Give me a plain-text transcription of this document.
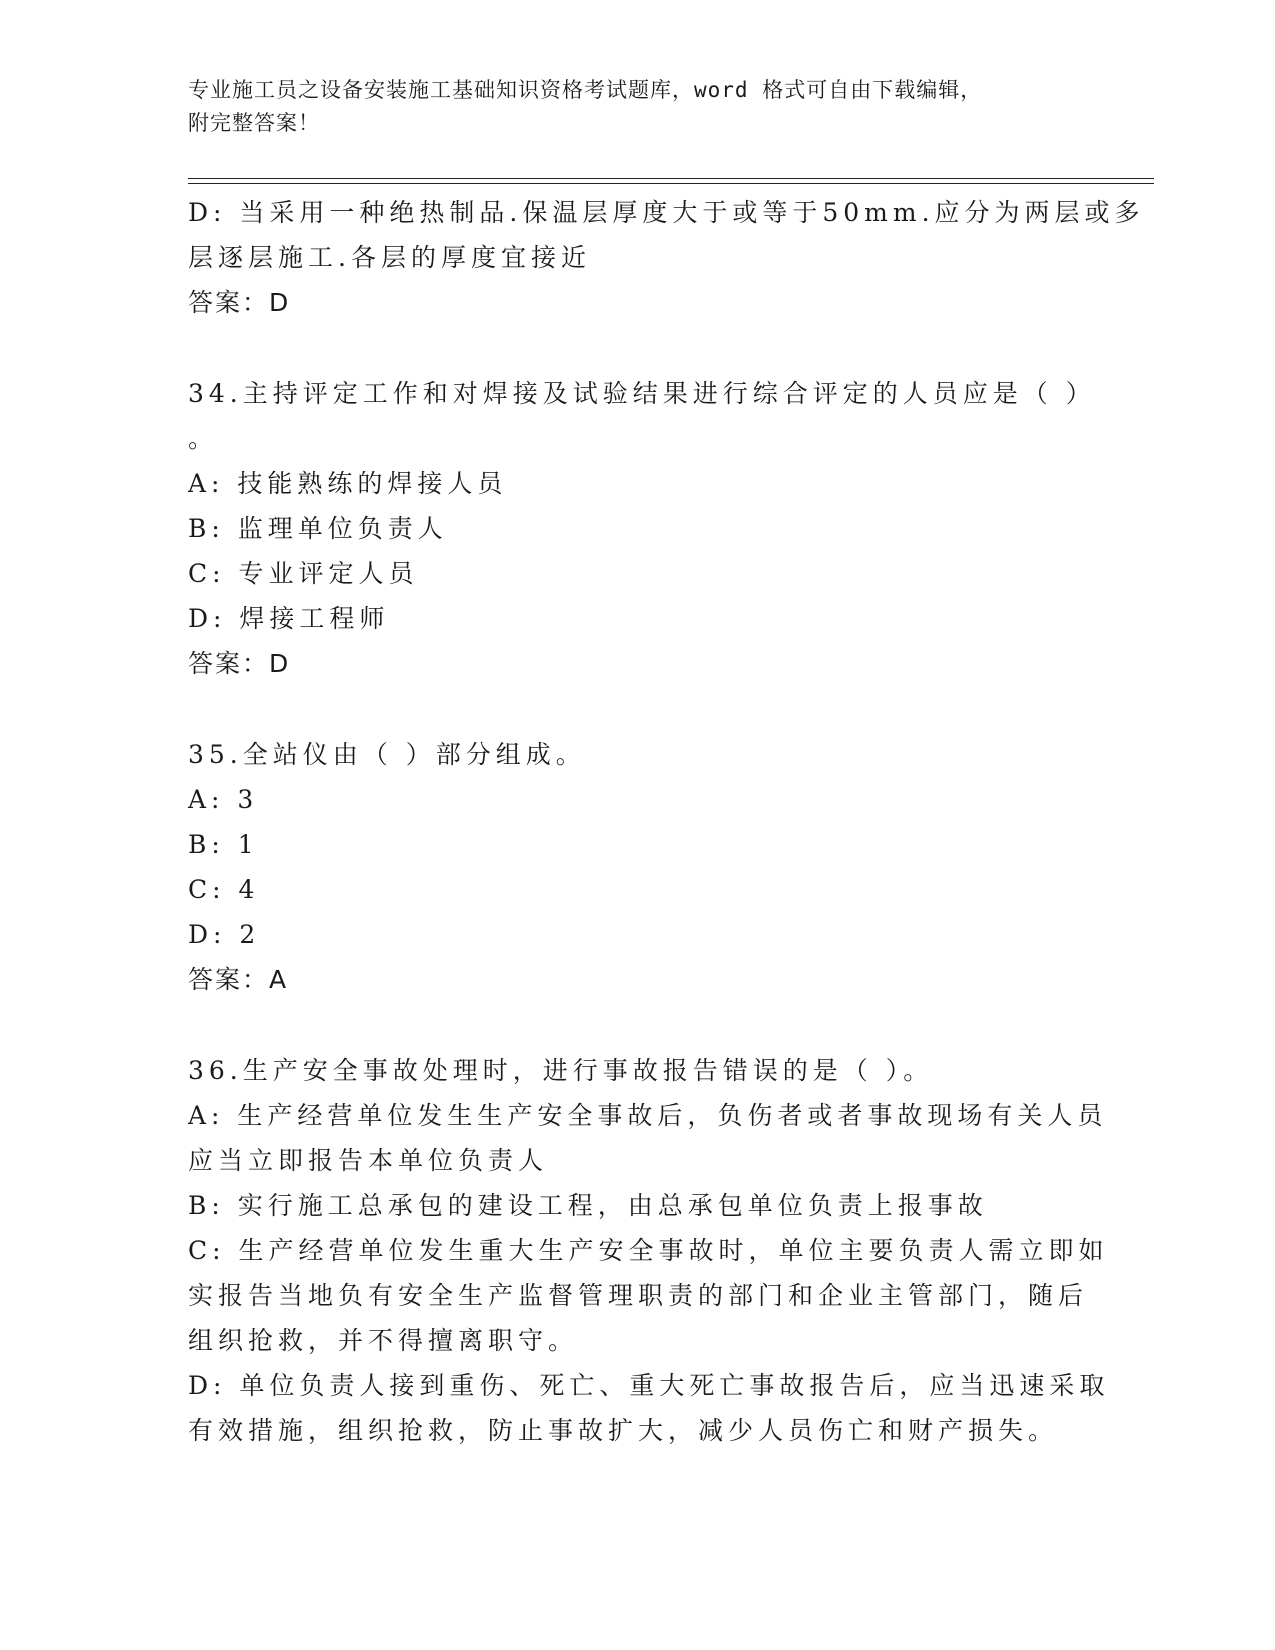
专业施工员之设备安装施工基础知识资格考试题库，word 格式可自由下载编辑，
附完整答案！
D: 当采用一种绝热制品.保温层厚度大于或等于50mm.应分为两层或多
层逐层施工.各层的厚度宜接近
答案：D
34.主持评定工作和对焊接及试验结果进行综合评定的人员应是（ ）
。
A: 技能熟练的焊接人员
B: 监理单位负责人
C: 专业评定人员
D: 焊接工程师
答案：D
35.全站仪由（ ）部分组成。
A: 3
B: 1
C: 4
D: 2
答案：A
36.生产安全事故处理时，进行事故报告错误的是（ ）。
A: 生产经营单位发生生产安全事故后，负伤者或者事故现场有关人员
应当立即报告本单位负责人
B: 实行施工总承包的建设工程，由总承包单位负责上报事故
C: 生产经营单位发生重大生产安全事故时，单位主要负责人需立即如
实报告当地负有安全生产监督管理职责的部门和企业主管部门，随后
组织抢救，并不得擅离职守。
D: 单位负责人接到重伤、死亡、重大死亡事故报告后，应当迅速采取
有效措施，组织抢救，防止事故扩大，减少人员伤亡和财产损失。
